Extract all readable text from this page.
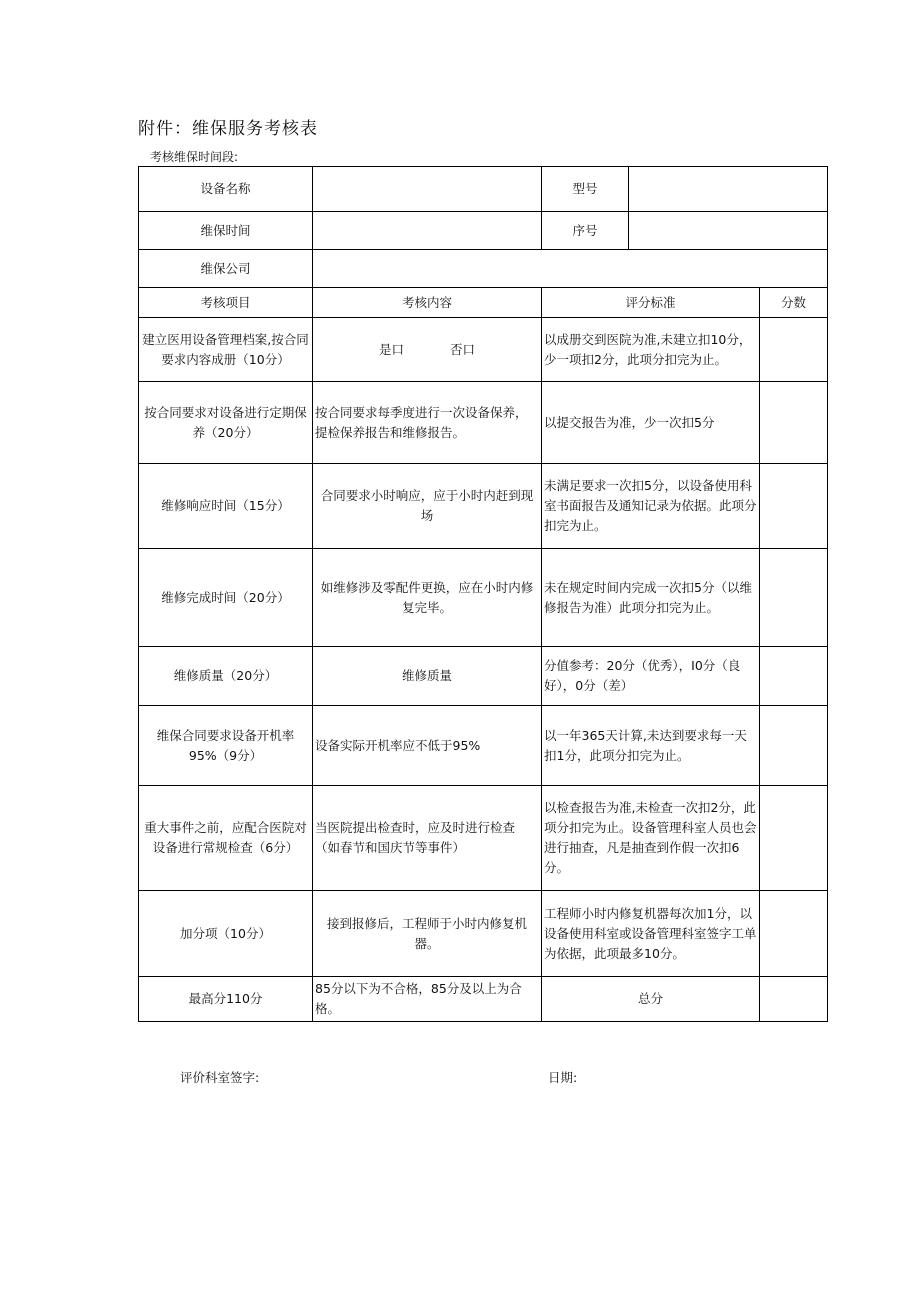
附件：维保服务考核表
考核维保时间段:
设备名称		型号		
维保时间		序号		
维保公司				
考核项目	考核内容	评分标准		分数
建立医用设备管理档案,按合同要求内容成册（10分）	是口 否口	以成册交到医院为准,未建立扣10分，少一项扣2分，此项分扣完为止。		
按合同要求对设备进行定期保养（20分）	按合同要求每季度进行一次设备保养，提检保养报告和维修报告。	以提交报告为准，少一次扣5分		
维修响应时间（15分）	合同要求小时响应，应于小时内赶到现场	未满足要求一次扣5分，以设备使用科室书面报告及通知记录为依据。此项分扣完为止。		
维修完成时间（20分）	如维修涉及零配件更换，应在小时内修复完毕。	未在规定时间内完成一次扣5分（以维修报告为准）此项分扣完为止。		
维修质量（20分）	维修质量	分值参考：20分（优秀），I0分（良好），0分（差）		
维保合同要求设备开机率95%（9分）	设备实际开机率应不低于95%	以一年365天计算,未达到要求每一天扣1分，此项分扣完为止。		
重大事件之前，应配合医院对设备进行常规检查（6分）	当医院提出检查时，应及时进行检查（如春节和国庆节等事件）	以检查报告为准,未检查一次扣2分，此项分扣完为止。设备管理科室人员也会进行抽查，凡是抽查到作假一次扣6分。		
加分项（10分）	接到报修后，工程师于小时内修复机器。	工程师小时内修复机器每次加1分，以设备使用科室或设备管理科室签字工单为依据，此项最多10分。		
最高分110分	85分以下为不合格，85分及以上为合格。	总分		
评价科室签字:	日期:
